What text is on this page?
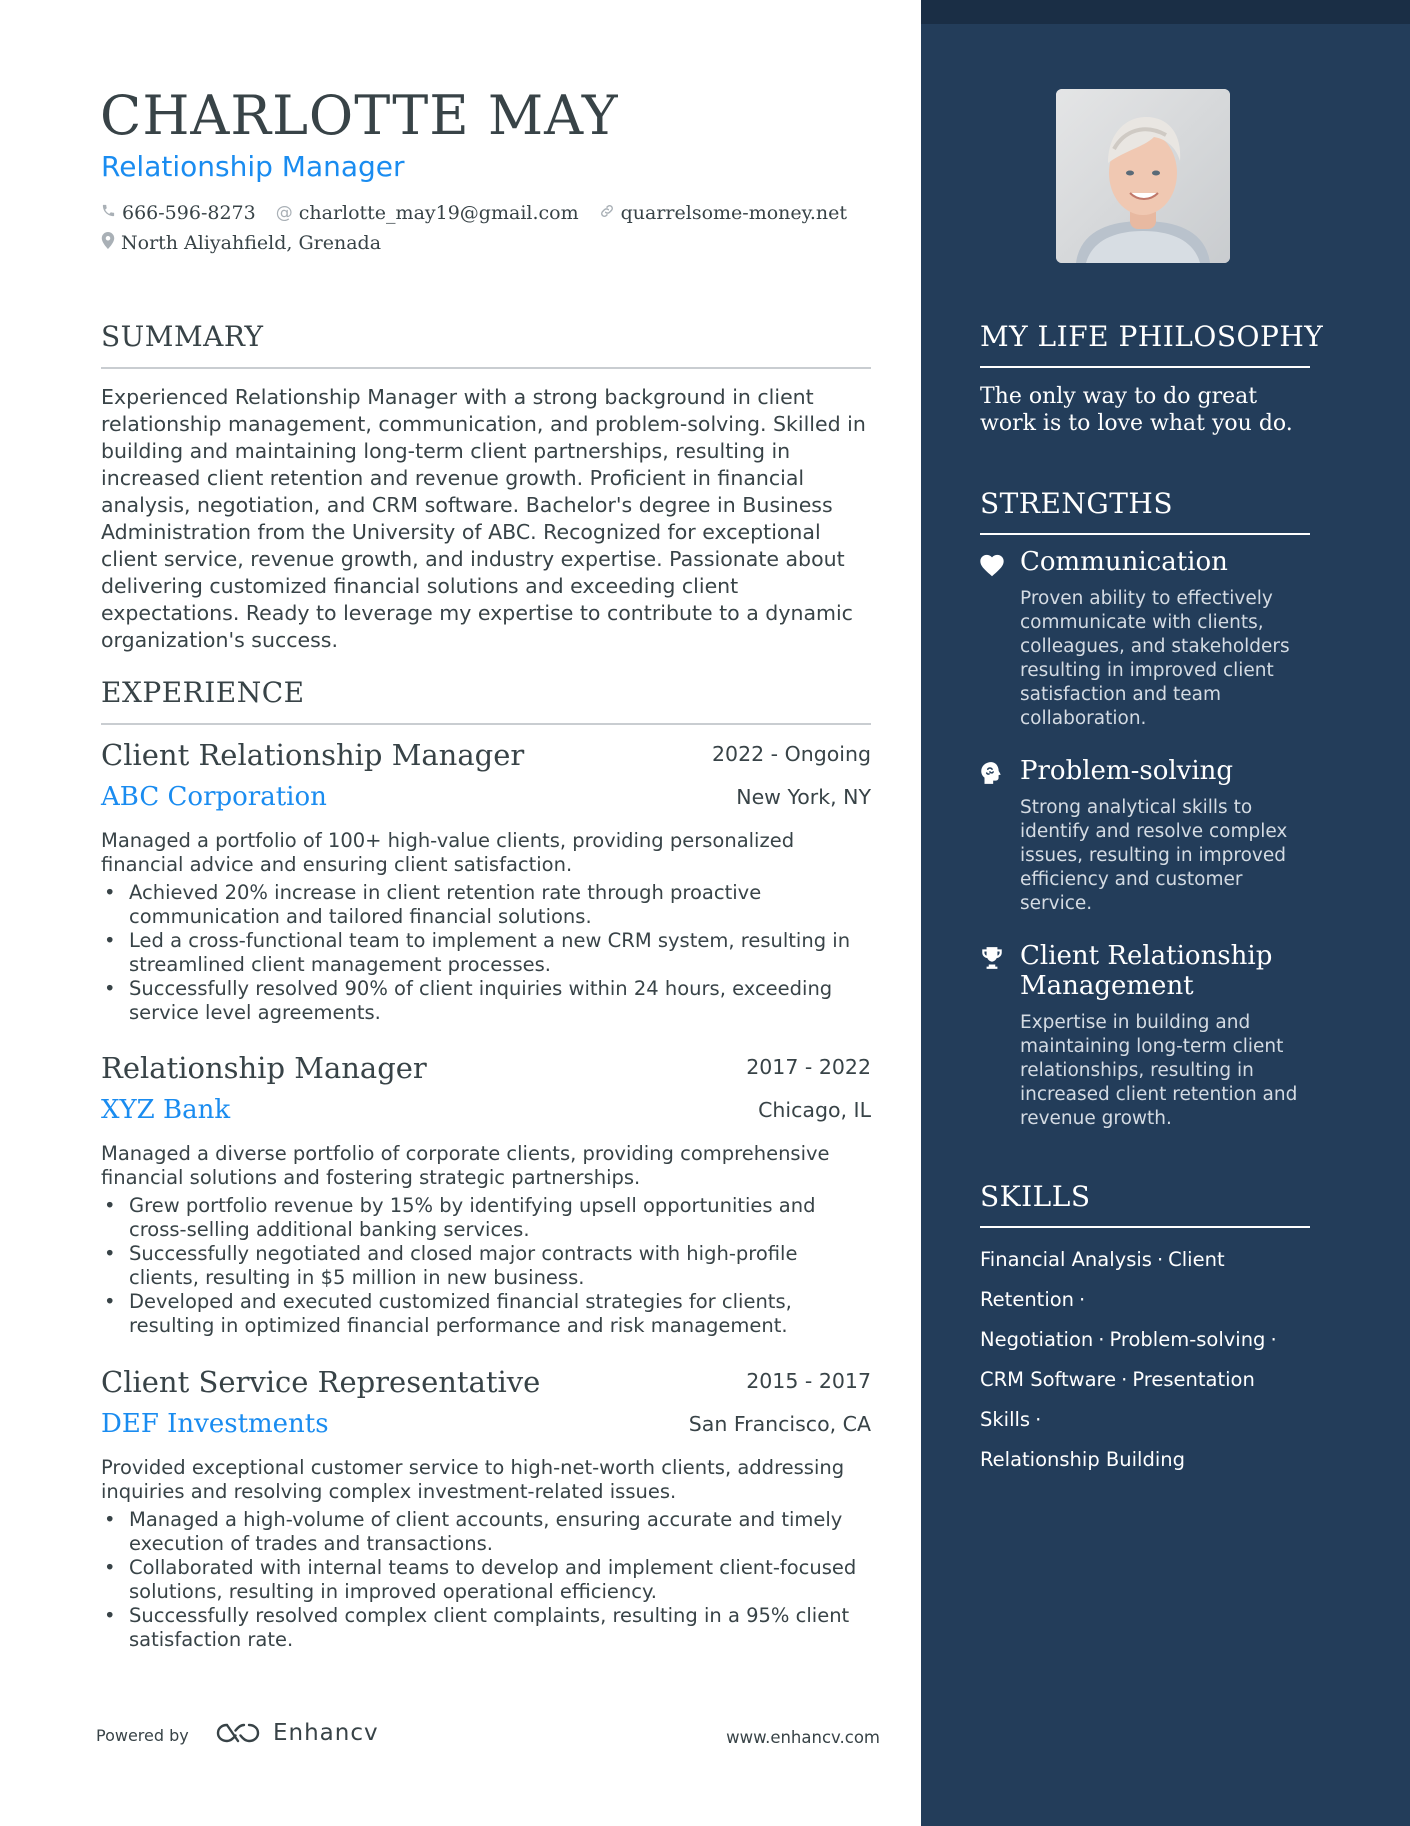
CHARLOTTE MAY
Relationship Manager
666-596-8273 @ charlotte_may19@gmail.com quarrelsome-money.net
North Aliyahfield, Grenada
SUMMARY
Experienced Relationship Manager with a strong background in client relationship management, communication, and problem-solving. Skilled in building and maintaining long-term client partnerships, resulting in increased client retention and revenue growth. Proficient in financial analysis, negotiation, and CRM software. Bachelor's degree in Business Administration from the University of ABC. Recognized for exceptional client service, revenue growth, and industry expertise. Passionate about delivering customized financial solutions and exceeding client expectations. Ready to leverage my expertise to contribute to a dynamic organization's success.
EXPERIENCE
Client Relationship Manager	2022 - Ongoing
ABC Corporation	New York, NY
Managed a portfolio of 100+ high-value clients, providing personalized financial advice and ensuring client satisfaction.
• Achieved 20% increase in client retention rate through proactive communication and tailored financial solutions.
• Led a cross-functional team to implement a new CRM system, resulting in streamlined client management processes.
• Successfully resolved 90% of client inquiries within 24 hours, exceeding service level agreements.
Relationship Manager	2017 - 2022
XYZ Bank	Chicago, IL
Managed a diverse portfolio of corporate clients, providing comprehensive financial solutions and fostering strategic partnerships.
• Grew portfolio revenue by 15% by identifying upsell opportunities and cross-selling additional banking services.
• Successfully negotiated and closed major contracts with high-profile clients, resulting in $5 million in new business.
• Developed and executed customized financial strategies for clients, resulting in optimized financial performance and risk management.
Client Service Representative	2015 - 2017
DEF Investments	San Francisco, CA
Provided exceptional customer service to high-net-worth clients, addressing inquiries and resolving complex investment-related issues.
• Managed a high-volume of client accounts, ensuring accurate and timely execution of trades and transactions.
• Collaborated with internal teams to develop and implement client-focused solutions, resulting in improved operational efficiency.
• Successfully resolved complex client complaints, resulting in a 95% client satisfaction rate.
Powered by	Enhancv	www.enhancv.com
MY LIFE PHILOSOPHY
The only way to do great work is to love what you do.
STRENGTHS
Communication
Proven ability to effectively communicate with clients, colleagues, and stakeholders resulting in improved client satisfaction and team collaboration.
Problem-solving
Strong analytical skills to identify and resolve complex issues, resulting in improved efficiency and customer service.
Client Relationship Management
Expertise in building and maintaining long-term client relationships, resulting in increased client retention and revenue growth.
SKILLS
Financial Analysis · Client Retention ·
Negotiation · Problem-solving ·
CRM Software · Presentation Skills ·
Relationship Building
